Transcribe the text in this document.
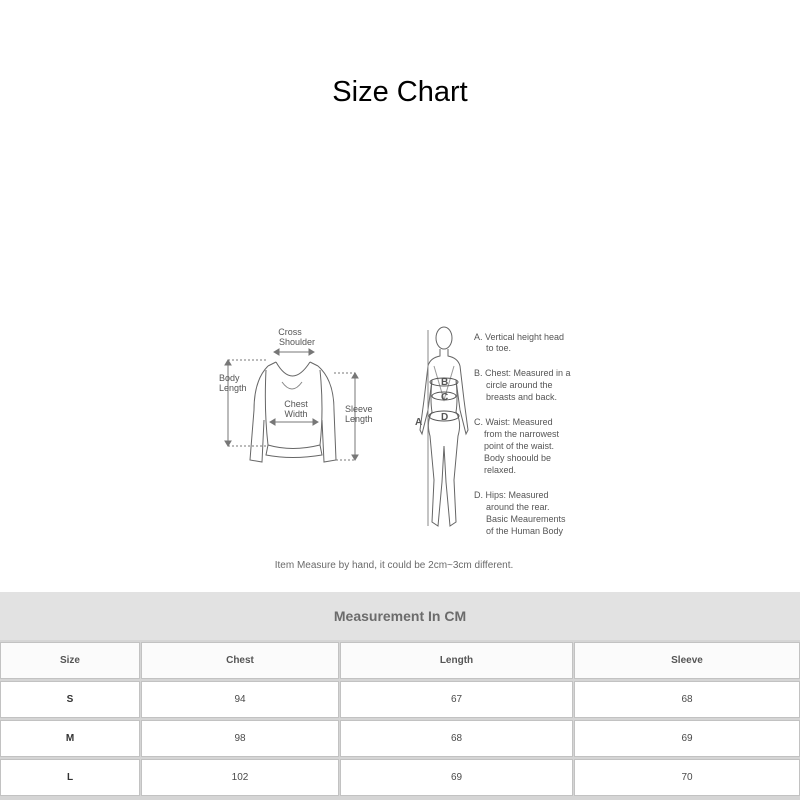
Size Chart
Cross
Shoulder
Body
Length
Chest
Width	Sleeve
Length	A
B
C
D
A. Vertical height head
to toe.
B. Chest: Measured in a
circle around the
breasts and back.
C. Waist: Measured
from the narrowest
point of the waist.
Body shoould be
relaxed.
D. Hips: Measured
around the rear.
Basic Meaurements
of the Human Body
Item Measure by hand, it could be 2cm~3cm different.
Measurement In CM
Size	Chest	Length	Sleeve
S	94	67	68
M	98	68	69
L	102	69	70
